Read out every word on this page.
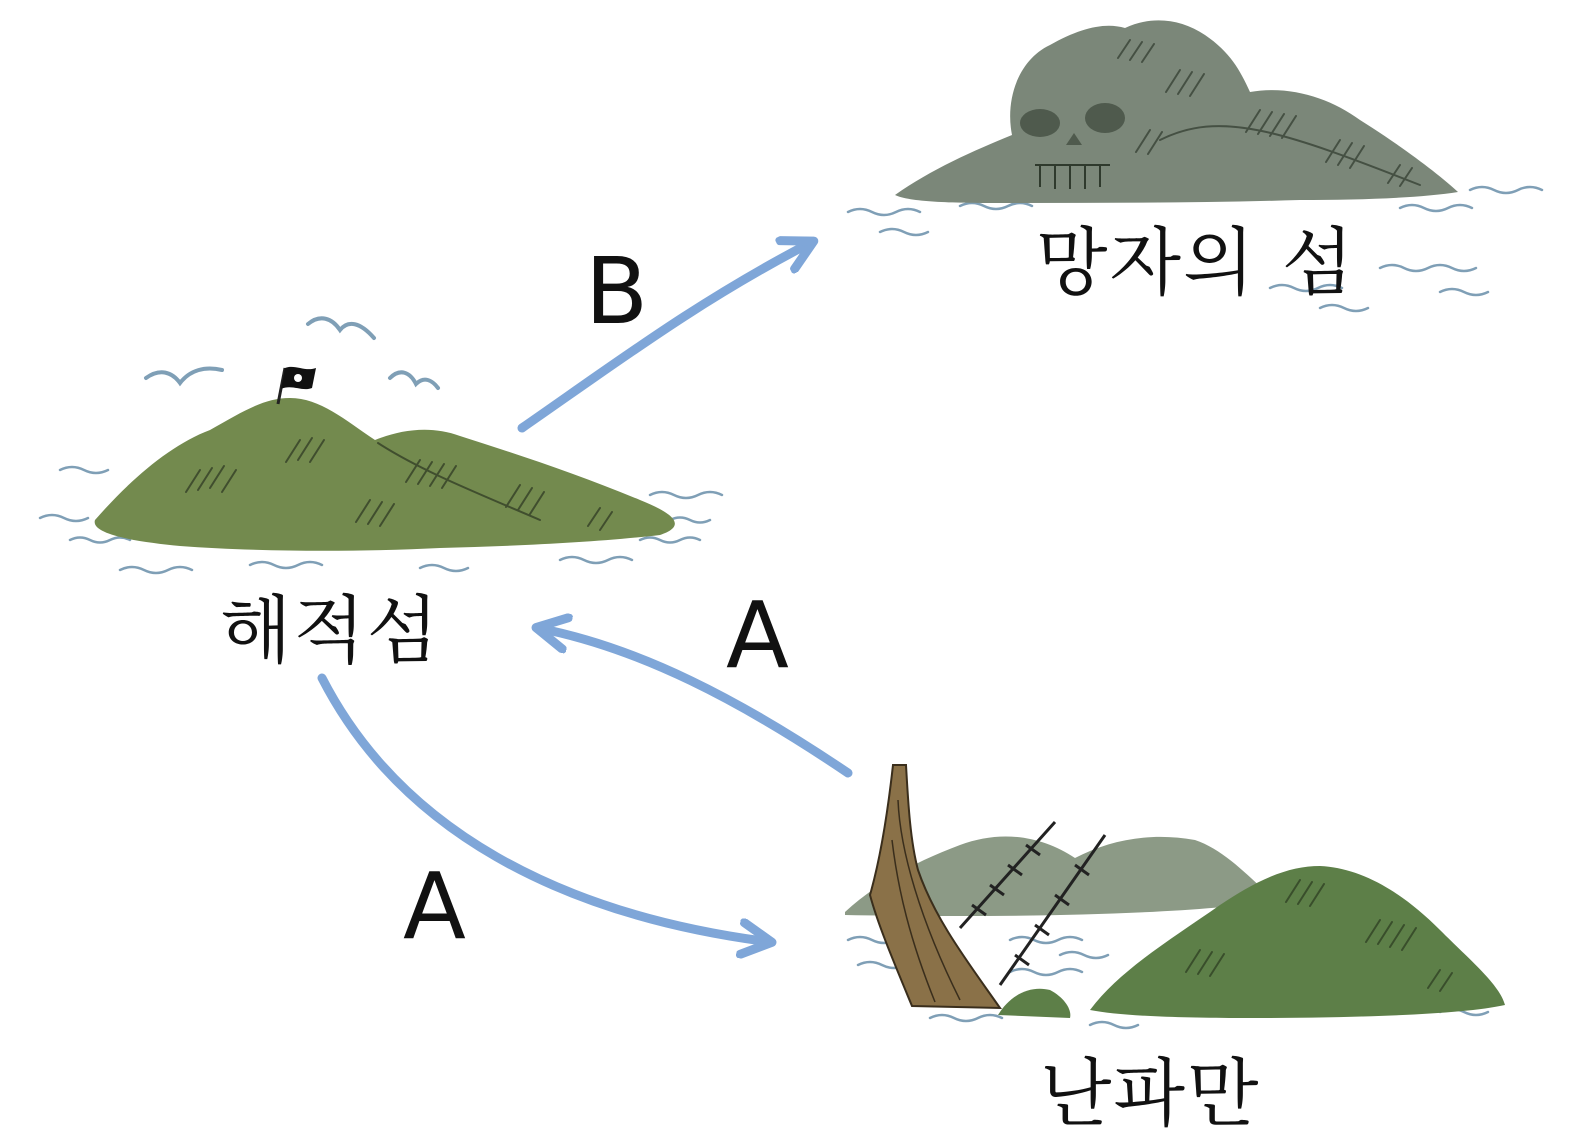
해적섬
망자의 섬
난파만
B
A
A
